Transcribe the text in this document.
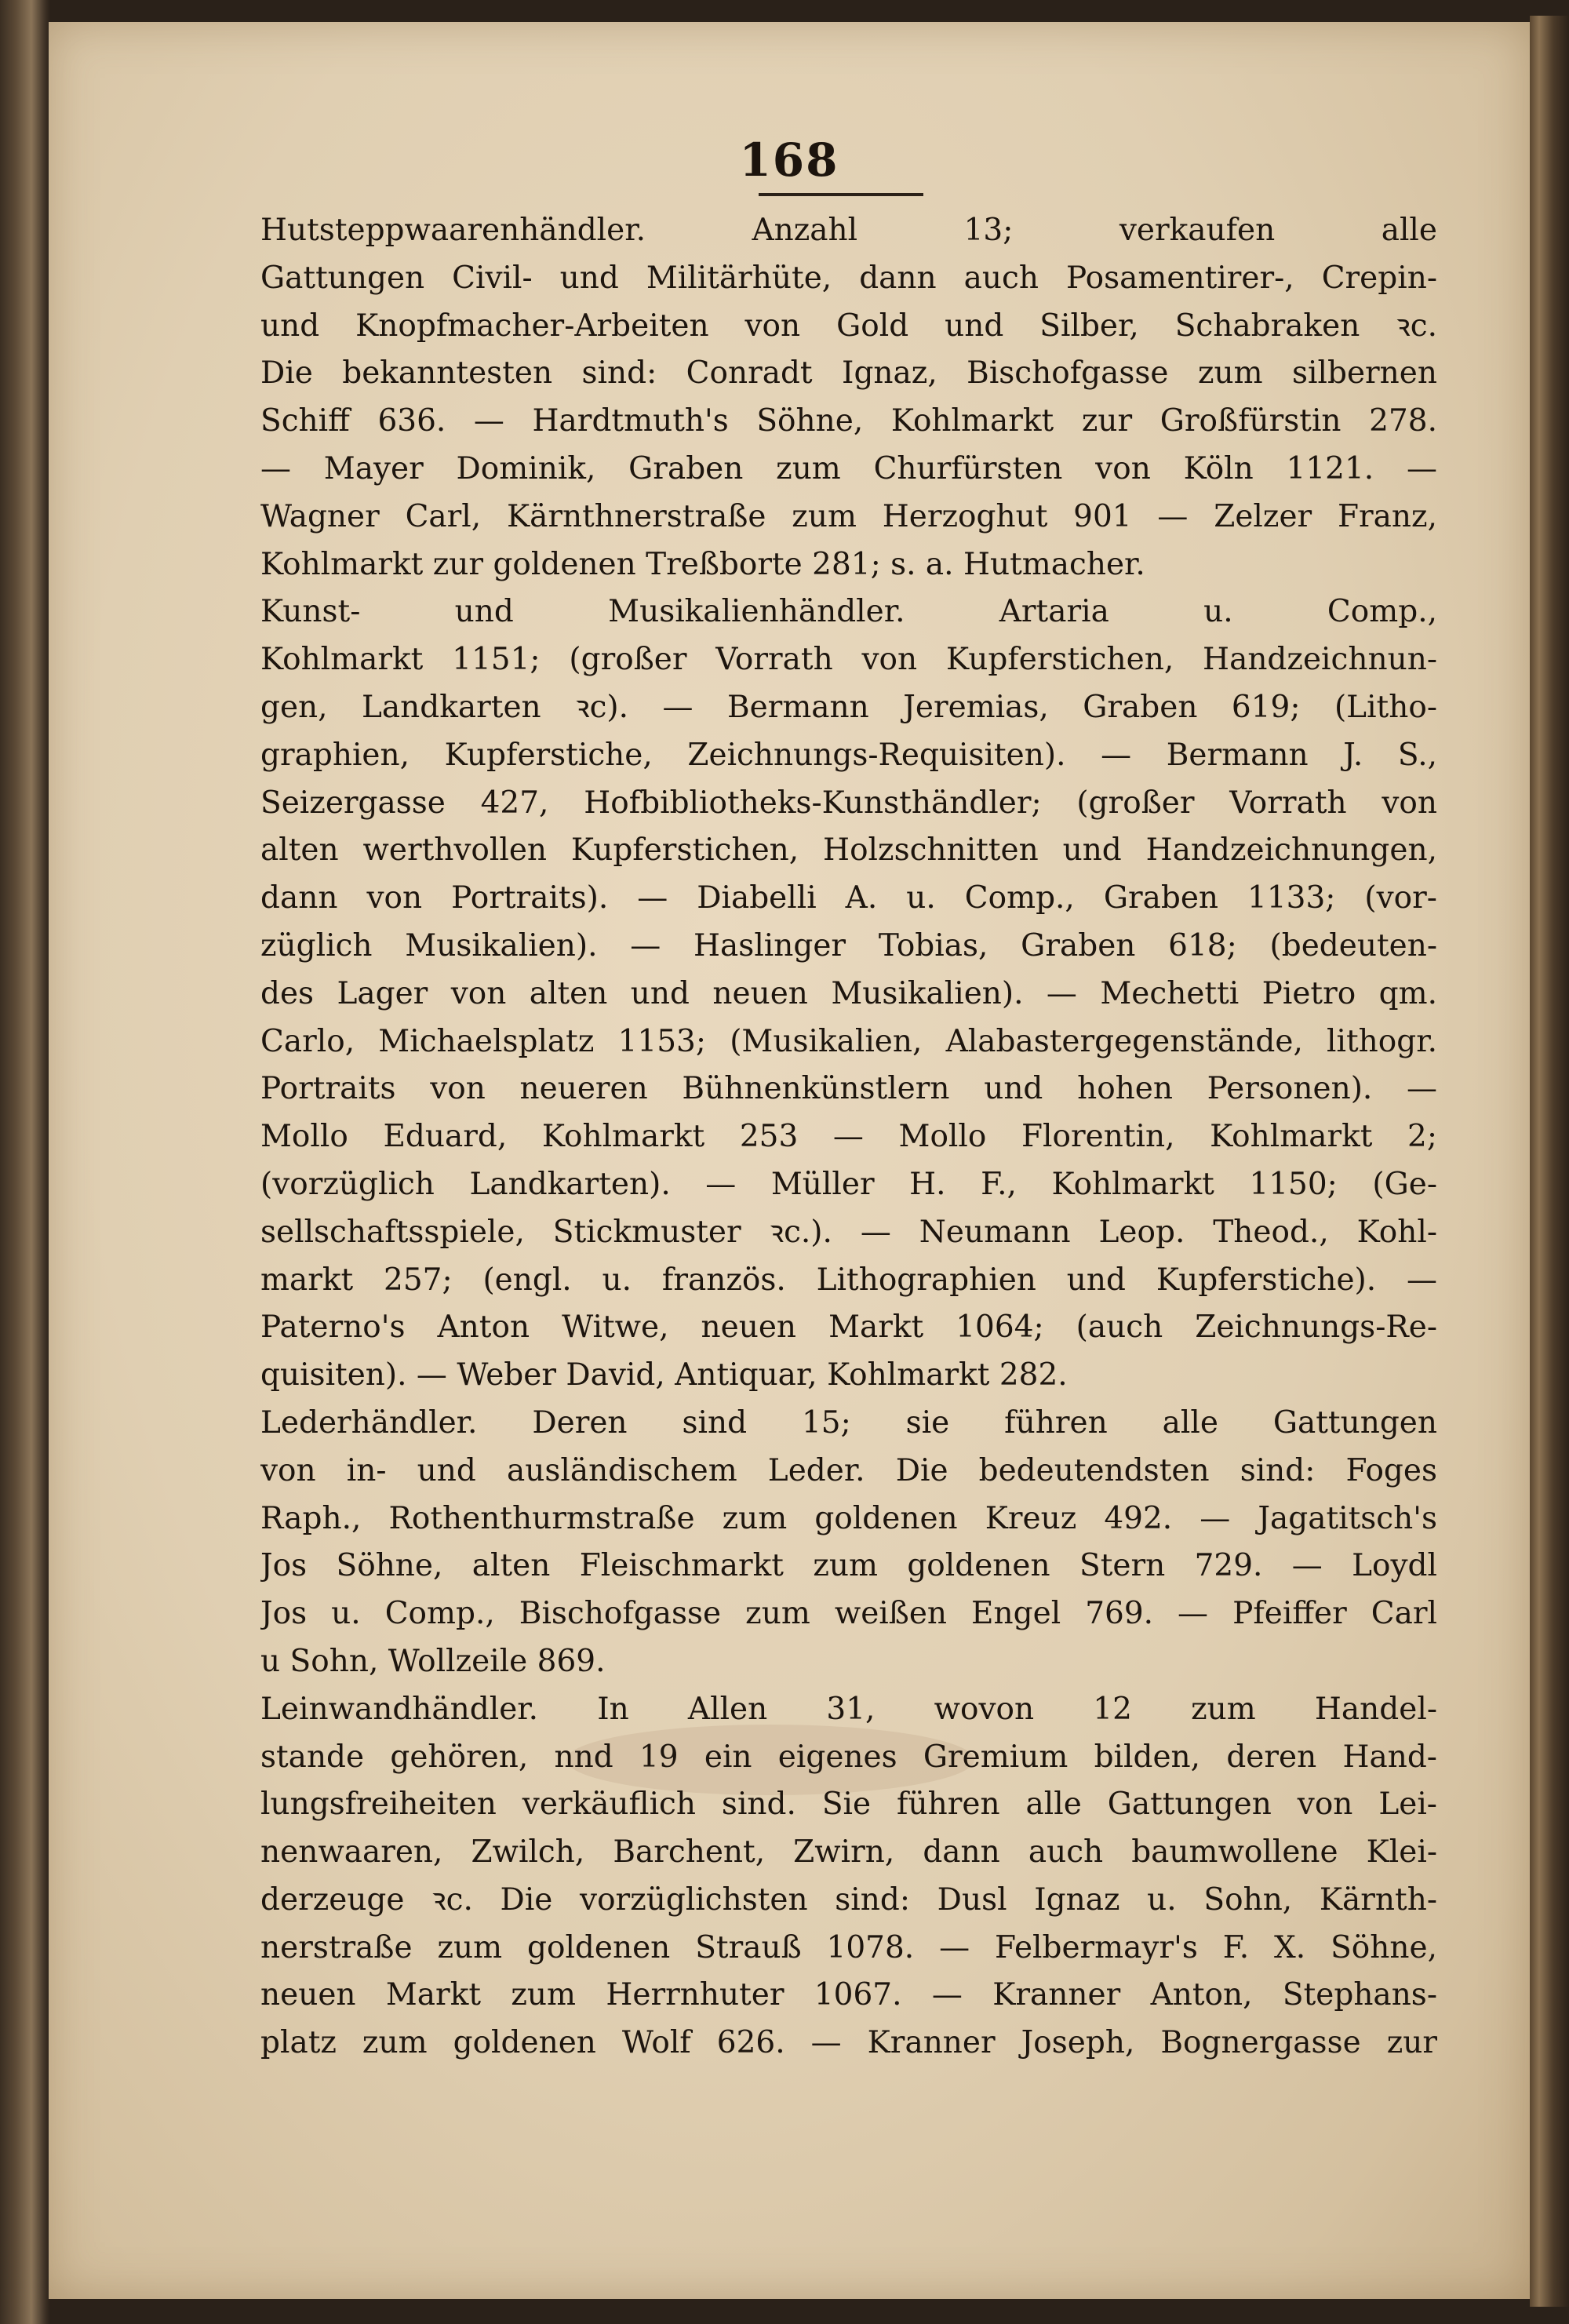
168
Hutsteppwaarenhändler. Anzahl 13; verkaufen alle
Gattungen Civil- und Militärhüte, dann auch Posamentirer-, Crepin-
und Knopfmacher-Arbeiten von Gold und Silber, Schabraken ꝛc.
Die bekanntesten sind: Conradt Ignaz, Bischofgasse zum silbernen
Schiff 636. — Hardtmuth's Söhne, Kohlmarkt zur Großfürstin 278.
— Mayer Dominik, Graben zum Churfürsten von Köln 1121. —
Wagner Carl, Kärnthnerstraße zum Herzoghut 901 — Zelzer Franz,
Kohlmarkt zur goldenen Treßborte 281; s. a. Hutmacher.
Kunst- und Musikalienhändler. Artaria u. Comp.,
Kohlmarkt 1151; (großer Vorrath von Kupferstichen, Handzeichnun-
gen, Landkarten ꝛc). — Bermann Jeremias, Graben 619; (Litho-
graphien, Kupferstiche, Zeichnungs-Requisiten). — Bermann J. S.,
Seizergasse 427, Hofbibliotheks-Kunsthändler; (großer Vorrath von
alten werthvollen Kupferstichen, Holzschnitten und Handzeichnungen,
dann von Portraits). — Diabelli A. u. Comp., Graben 1133; (vor-
züglich Musikalien). — Haslinger Tobias, Graben 618; (bedeuten-
des Lager von alten und neuen Musikalien). — Mechetti Pietro qm.
Carlo, Michaelsplatz 1153; (Musikalien, Alabastergegenstände, lithogr.
Portraits von neueren Bühnenkünstlern und hohen Personen). —
Mollo Eduard, Kohlmarkt 253 — Mollo Florentin, Kohlmarkt 2;
(vorzüglich Landkarten). — Müller H. F., Kohlmarkt 1150; (Ge-
sellschaftsspiele, Stickmuster ꝛc.). — Neumann Leop. Theod., Kohl-
markt 257; (engl. u. französ. Lithographien und Kupferstiche). —
Paterno's Anton Witwe, neuen Markt 1064; (auch Zeichnungs-Re-
quisiten). — Weber David, Antiquar, Kohlmarkt 282.
Lederhändler. Deren sind 15; sie führen alle Gattungen
von in- und ausländischem Leder. Die bedeutendsten sind: Foges
Raph., Rothenthurmstraße zum goldenen Kreuz 492. — Jagatitsch's
Jos Söhne, alten Fleischmarkt zum goldenen Stern 729. — Loydl
Jos u. Comp., Bischofgasse zum weißen Engel 769. — Pfeiffer Carl
u Sohn, Wollzeile 869.
Leinwandhändler. In Allen 31, wovon 12 zum Handel-
stande gehören, nnd 19 ein eigenes Gremium bilden, deren Hand-
lungsfreiheiten verkäuflich sind. Sie führen alle Gattungen von Lei-
nenwaaren, Zwilch, Barchent, Zwirn, dann auch baumwollene Klei-
derzeuge ꝛc. Die vorzüglichsten sind: Dusl Ignaz u. Sohn, Kärnth-
nerstraße zum goldenen Strauß 1078. — Felbermayr's F. X. Söhne,
neuen Markt zum Herrnhuter 1067. — Kranner Anton, Stephans-
platz zum goldenen Wolf 626. — Kranner Joseph, Bognergasse zur
